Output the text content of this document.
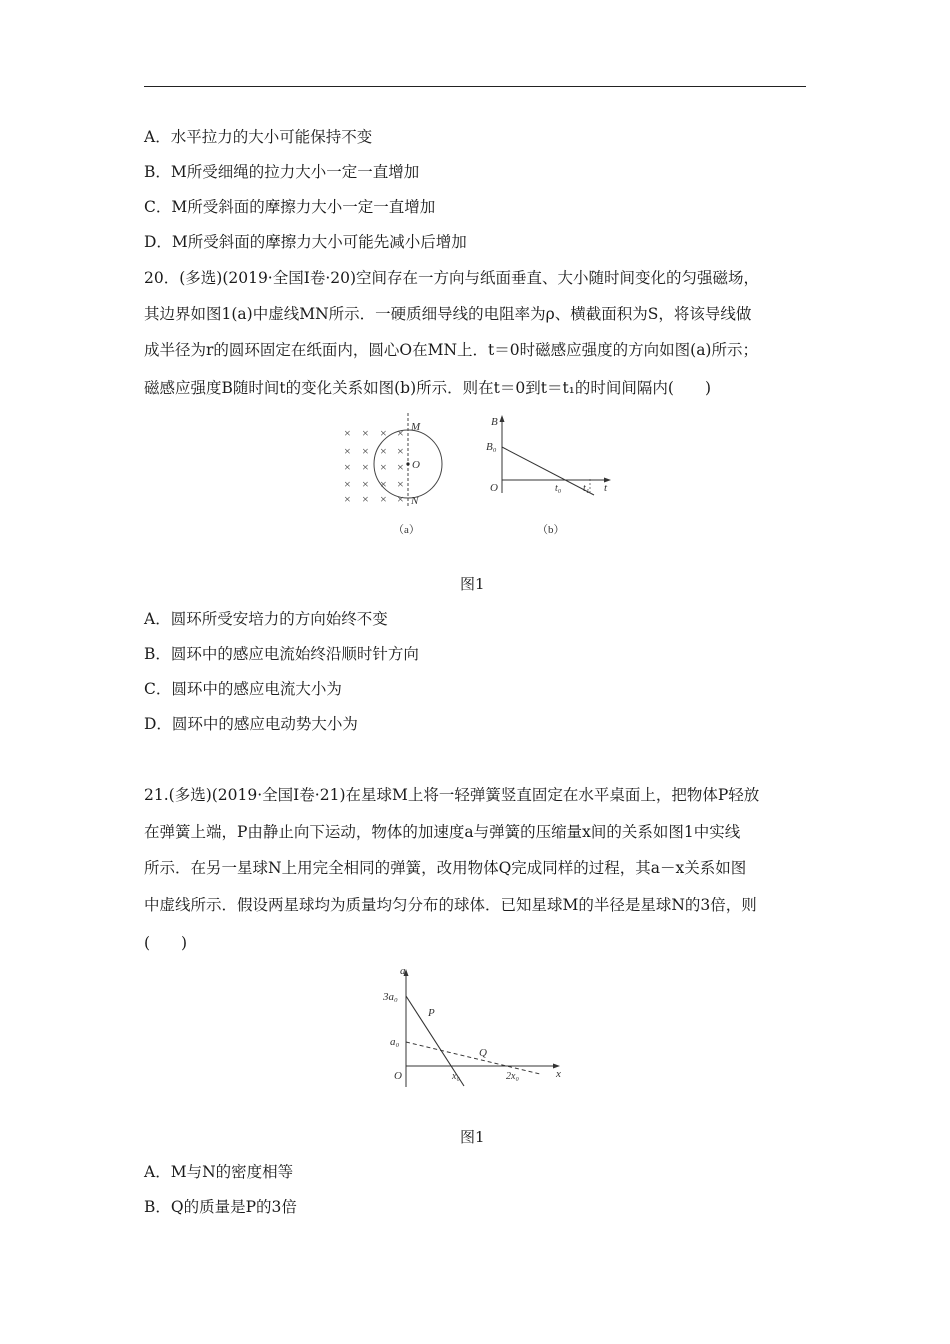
A．水平拉力的大小可能保持不变
B．M所受细绳的拉力大小一定一直增加
C．M所受斜面的摩擦力大小一定一直增加
D．M所受斜面的摩擦力大小可能先减小后增加
20．(多选)(2019·全国Ⅰ卷·20)空间存在一方向与纸面垂直、大小随时间变化的匀强磁场，
其边界如图1(a)中虚线MN所示．一硬质细导线的电阻率为ρ、横截面积为S，将该导线做
成半径为r的圆环固定在纸面内，圆心O在MN上．t＝0时磁感应强度的方向如图(a)所示；
磁感应强度B随时间t的变化关系如图(b)所示．则在t＝0到t＝t₁的时间间隔内(　　)
× × × ×
× × × ×
× × × ×
× × × ×
× × × ×
M
O
N
（a）
B
B₀
O	t₀ t₁ t
（b）
图1
A．圆环所受安培力的方向始终不变
B．圆环中的感应电流始终沿顺时针方向
C．圆环中的感应电流大小为
D．圆环中的感应电动势大小为
21.(多选)(2019·全国Ⅰ卷·21)在星球M上将一轻弹簧竖直固定在水平桌面上，把物体P轻放
在弹簧上端，P由静止向下运动，物体的加速度a与弹簧的压缩量x间的关系如图1中实线
所示．在另一星球N上用完全相同的弹簧，改用物体Q完成同样的过程，其a－x关系如图
中虚线所示．假设两星球均为质量均匀分布的球体．已知星球M的半径是星球N的3倍，则
(　　)
a
3a₀
a₀
O	x₀	2x₀	x
P
Q
图1
A．M与N的密度相等
B．Q的质量是P的3倍
